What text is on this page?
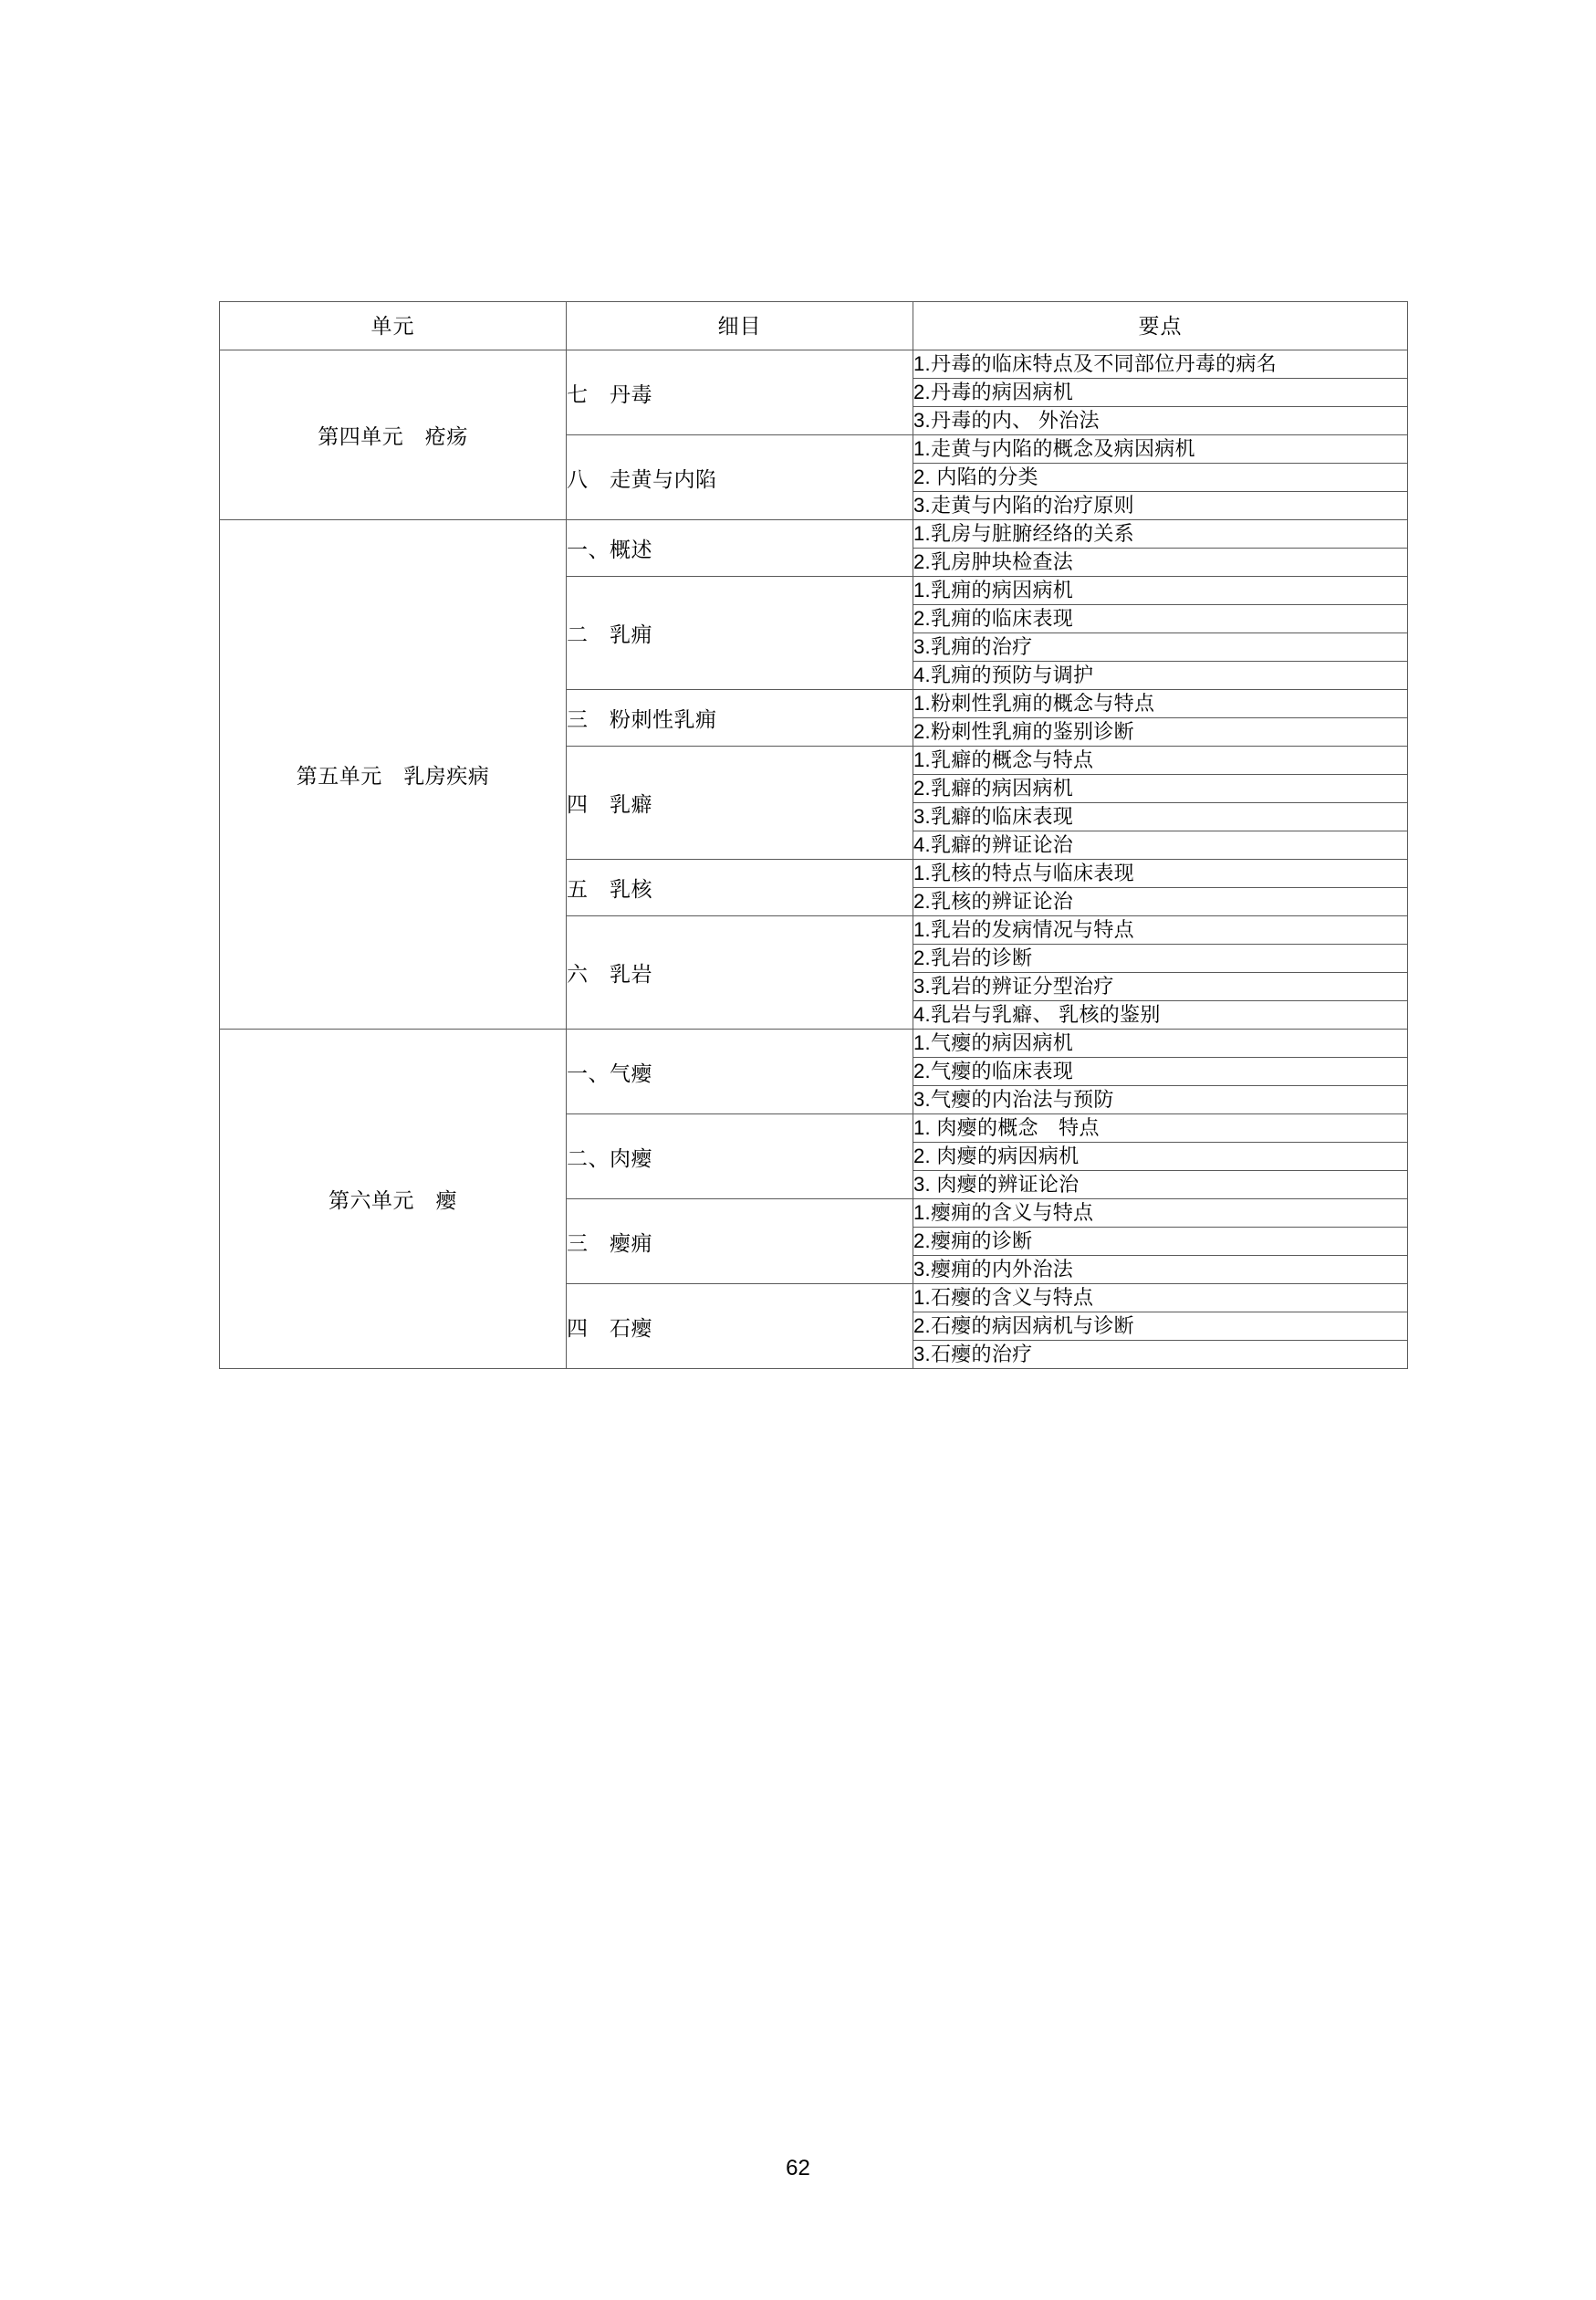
单元	细目	要点
第四单元　疮疡	七　丹毒	1.丹毒的临床特点及不同部位丹毒的病名
		2.丹毒的病因病机
		3.丹毒的内、 外治法
	八　走黄与内陷	1.走黄与内陷的概念及病因病机
		2. 内陷的分类
		3.走黄与内陷的治疗原则
第五单元　乳房疾病	一、概述	1.乳房与脏腑经络的关系
		2.乳房肿块检查法
	二　乳痈	1.乳痈的病因病机
		2.乳痈的临床表现
		3.乳痈的治疗
		4.乳痈的预防与调护
	三　粉刺性乳痈	1.粉刺性乳痈的概念与特点
		2.粉刺性乳痈的鉴别诊断
	四　乳癖	1.乳癖的概念与特点
		2.乳癖的病因病机
		3.乳癖的临床表现
		4.乳癖的辨证论治
	五　乳核	1.乳核的特点与临床表现
		2.乳核的辨证论治
	六　乳岩	1.乳岩的发病情况与特点
		2.乳岩的诊断
		3.乳岩的辨证分型治疗
		4.乳岩与乳癖、 乳核的鉴别
第六单元　瘿	一、气瘿	1.气瘿的病因病机
		2.气瘿的临床表现
		3.气瘿的内治法与预防
	二、肉瘿	1. 肉瘿的概念　特点
		2. 肉瘿的病因病机
		3. 肉瘿的辨证论治
	三　瘿痈	1.瘿痈的含义与特点
		2.瘿痈的诊断
		3.瘿痈的内外治法
	四　石瘿	1.石瘿的含义与特点
		2.石瘿的病因病机与诊断
		3.石瘿的治疗
62
